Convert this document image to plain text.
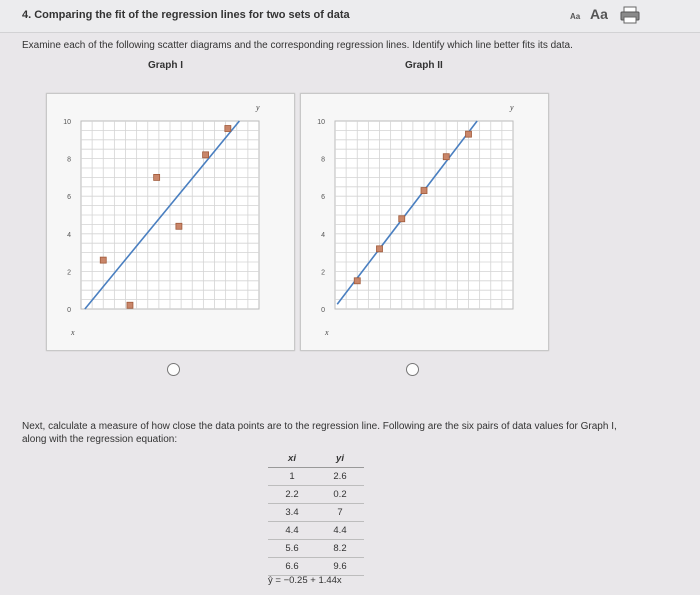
4. Comparing the fit of the regression lines for two sets of data	Aa Aa
Examine each of the following scatter diagrams and the corresponding regression lines. Identify which line better fits its data.
Graph I	Graph II
10
8
6
4
2
0
y
x
10
8
6
4
2
0
y
x
Next, calculate a measure of how close the data points are to the regression line. Following are the six pairs of data values for Graph I, along with the regression equation:
xi	yi
1	2.6
2.2	0.2
3.4	7
4.4	4.4
5.6	8.2
6.6	9.6
ŷ = −0.25 + 1.44x
